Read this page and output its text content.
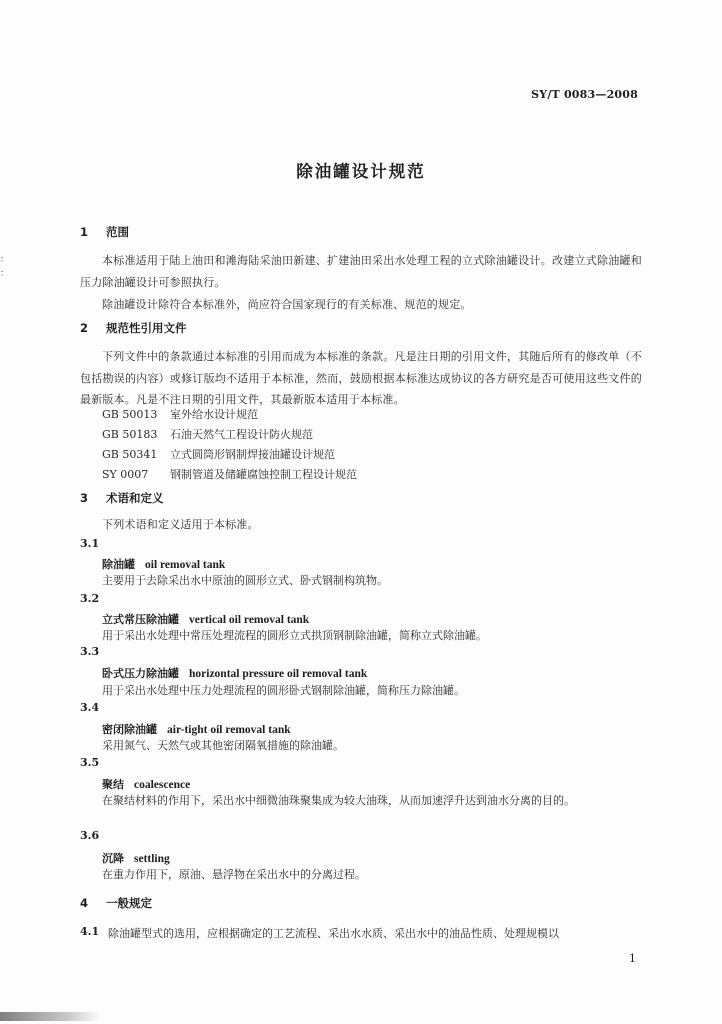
SY/T 0083—2008
除油罐设计规范
：
：
1 范围
本标准适用于陆上油田和滩海陆采油田新建、扩建油田采出水处理工程的立式除油罐设计。改建立式除油罐和压力除油罐设计可参照执行。
除油罐设计除符合本标准外，尚应符合国家现行的有关标准、规范的规定。
2 规范性引用文件
下列文件中的条款通过本标准的引用而成为本标准的条款。凡是注日期的引用文件，其随后所有的修改单（不包括勘误的内容）或修订版均不适用于本标准，然而，鼓励根据本标准达成协议的各方研究是否可使用这些文件的最新版本。凡是不注日期的引用文件，其最新版本适用于本标准。
GB 50013 室外给水设计规范
GB 50183 石油天然气工程设计防火规范
GB 50341 立式圆筒形钢制焊接油罐设计规范
SY 0007 钢制管道及储罐腐蚀控制工程设计规范
3 术语和定义
下列术语和定义适用于本标准。
3.1
除油罐 oil removal tank
主要用于去除采出水中原油的圆形立式、卧式钢制构筑物。
3.2
立式常压除油罐 vertical oil removal tank
用于采出水处理中常压处理流程的圆形立式拱顶钢制除油罐，简称立式除油罐。
3.3
卧式压力除油罐 horizontal pressure oil removal tank
用于采出水处理中压力处理流程的圆形卧式钢制除油罐，简称压力除油罐。
3.4
密闭除油罐 air-tight oil removal tank
采用氮气、天然气或其他密闭隔氧措施的除油罐。
3.5
聚结 coalescence
在聚结材料的作用下，采出水中细微油珠聚集成为较大油珠，从而加速浮升达到油水分离的目的。
3.6
沉降 settling
在重力作用下，原油、悬浮物在采出水中的分离过程。
4 一般规定
4.1 除油罐型式的选用，应根据确定的工艺流程、采出水水质、采出水中的油品性质、处理规模以
1
